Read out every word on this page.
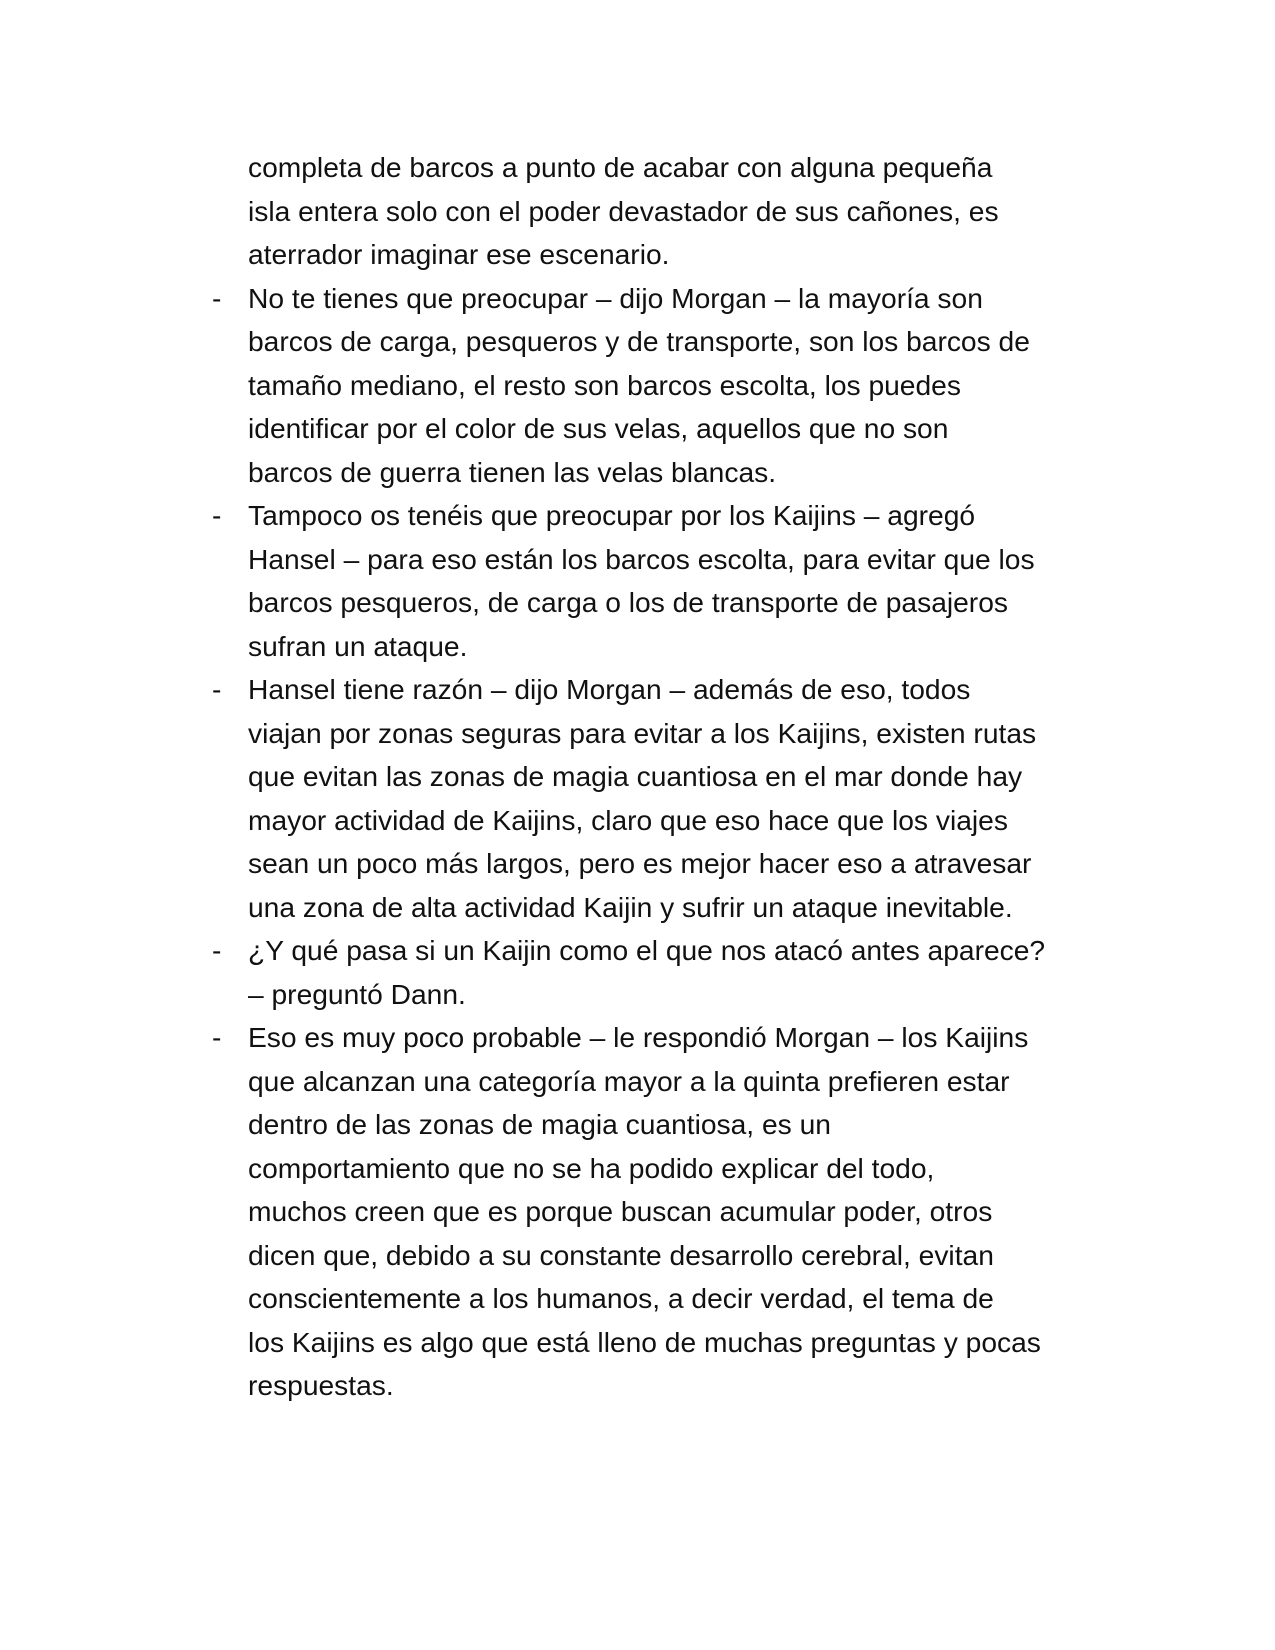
completa de barcos a punto de acabar con alguna pequeña
isla entera solo con el poder devastador de sus cañones, es
aterrador imaginar ese escenario.

- No te tienes que preocupar – dijo Morgan – la mayoría son
barcos de carga, pesqueros y de transporte, son los barcos de
tamaño mediano, el resto son barcos escolta, los puedes
identificar por el color de sus velas, aquellos que no son
barcos de guerra tienen las velas blancas.

- Tampoco os tenéis que preocupar por los Kaijins – agregó
Hansel – para eso están los barcos escolta, para evitar que los
barcos pesqueros, de carga o los de transporte de pasajeros
sufran un ataque.

- Hansel tiene razón – dijo Morgan – además de eso, todos
viajan por zonas seguras para evitar a los Kaijins, existen rutas
que evitan las zonas de magia cuantiosa en el mar donde hay
mayor actividad de Kaijins, claro que eso hace que los viajes
sean un poco más largos, pero es mejor hacer eso a atravesar
una zona de alta actividad Kaijin y sufrir un ataque inevitable.

- ¿Y qué pasa si un Kaijin como el que nos atacó antes aparece?
– preguntó Dann.

- Eso es muy poco probable – le respondió Morgan – los Kaijins
que alcanzan una categoría mayor a la quinta prefieren estar
dentro de las zonas de magia cuantiosa, es un
comportamiento que no se ha podido explicar del todo,
muchos creen que es porque buscan acumular poder, otros
dicen que, debido a su constante desarrollo cerebral, evitan
conscientemente a los humanos, a decir verdad, el tema de
los Kaijins es algo que está lleno de muchas preguntas y pocas
respuestas.
